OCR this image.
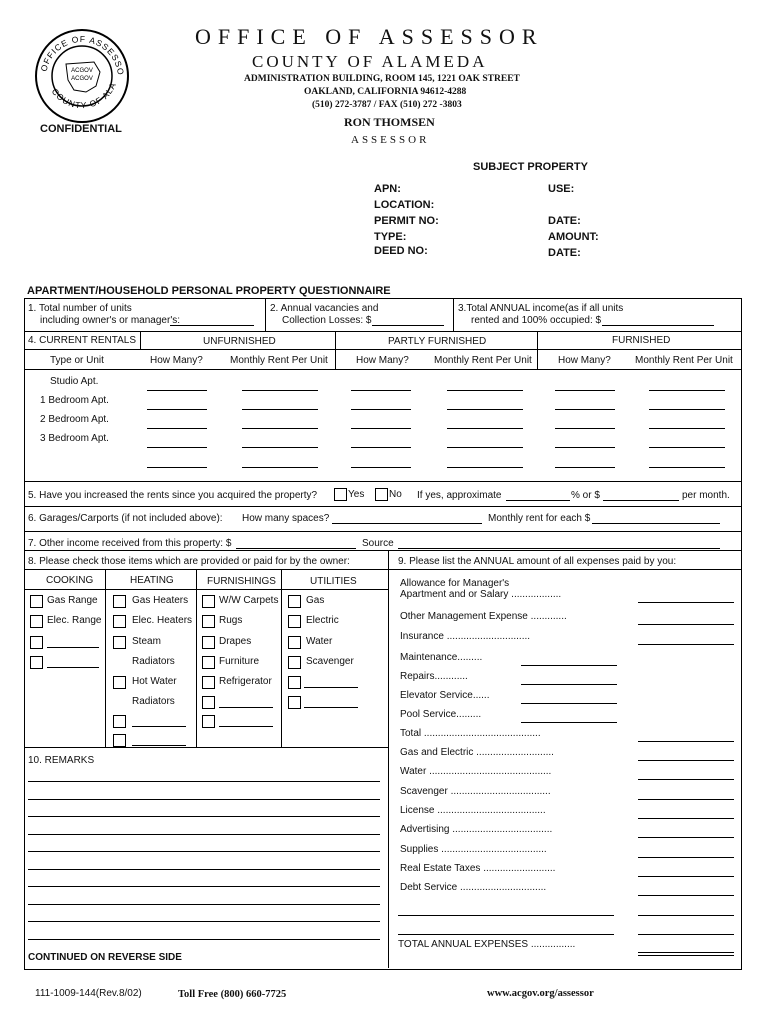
OFFICE OF ASSESSO
COUNTY OF ALA
ACGOV
ACGOV
OFFICE OF ASSESSOR
COUNTY OF ALAMEDA
ADMINISTRATION BUILDING, ROOM 145, 1221 OAK STREET
OAKLAND, CALIFORNIA 94612-4288
(510) 272-3787 / FAX (510) 272 -3803
RON THOMSEN
ASSESSOR
CONFIDENTIAL
SUBJECT PROPERTY
APN:	USE:
LOCATION:
PERMIT NO:	DATE:
TYPE:	AMOUNT:
DEED NO:	DATE:
APARTMENT/HOUSEHOLD PERSONAL PROPERTY QUESTIONNAIRE
1. Total number of units
including owner's or manager's:
2. Annual vacancies and
Collection Losses: $
3.Total ANNUAL income(as if all units
rented and 100% occupied: $
4. CURRENT RENTALS	UNFURNISHED	PARTLY FURNISHED	FURNISHED
Type or Unit	How Many?	Monthly Rent Per Unit	How Many?	Monthly Rent Per Unit	How Many? Monthly Rent Per Unit
Studio Apt.
1 Bedroom Apt.
2 Bedroom Apt.
3 Bedroom Apt.
5. Have you increased the rents since you acquired the property?	Yes No If yes, approximate	% or $	per month.
6. Garages/Carports (if not included above): How many spaces?	Monthly rent for each $
7. Other income received from this property: $	Source
8. Please check those items which are provided or paid for by the owner:	9. Please list the ANNUAL amount of all expenses paid by you:
COOKING	HEATING	FURNISHINGS	UTILITIES
Gas Range
Elec. Range
Gas Heaters
Elec. Heaters
Steam
Radiators
Hot Water
Radiators
W/W Carpets
Rugs
Drapes
Furniture
Refrigerator
Gas
Electric
Water
Scavenger
10. REMARKS
CONTINUED ON REVERSE SIDE
Allowance for Manager's
Apartment and or Salary ..................
Other Management Expense .............
Insurance ..............................
Total ..........................................
Gas and Electric ............................
Water ............................................
Scavenger ....................................
License .......................................
Advertising ....................................
Supplies ......................................
Real Estate Taxes ..........................
Debt Service ...............................
Maintenance.........
Repairs............
Elevator Service......
Pool Service.........
TOTAL ANNUAL EXPENSES ................
111-1009-144(Rev.8/02)	Toll Free (800) 660-7725	www.acgov.org/assessor
